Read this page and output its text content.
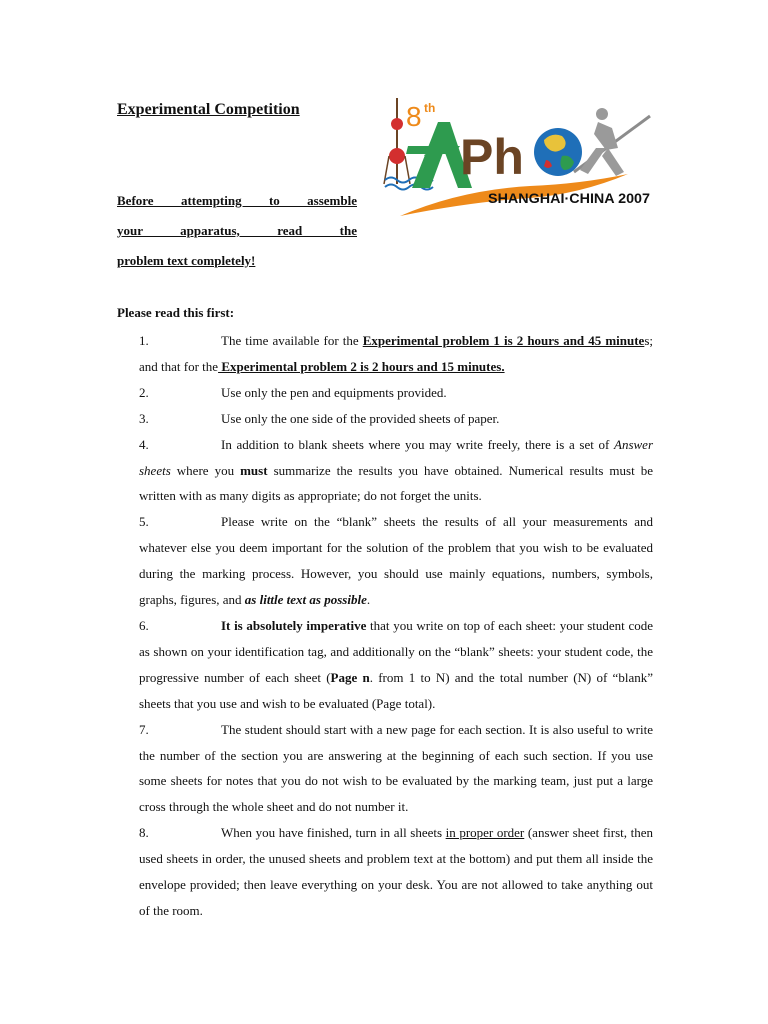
Experimental Competition	8 th
A Ph
SHANGHAI·CHINA 2007
Before attempting to assemble
your apparatus, read the
problem text completely!

Please read this first:

1.	The time available for the Experimental problem 1 is 2 hours and 45 minutes; and that for the Experimental problem 2 is 2 hours and 15 minutes.

2.	Use only the pen and equipments provided.

3.	Use only the one side of the provided sheets of paper.

4.	In addition to blank sheets where you may write freely, there is a set of Answer sheets where you must summarize the results you have obtained. Numerical results must be written with as many digits as appropriate; do not forget the units.

5.	Please write on the “blank” sheets the results of all your measurements and whatever else you deem important for the solution of the problem that you wish to be evaluated during the marking process. However, you should use mainly equations, numbers, symbols, graphs, figures, and as little text as possible.

6.	It is absolutely imperative that you write on top of each sheet: your student code as shown on your identification tag, and additionally on the “blank” sheets: your student code, the progressive number of each sheet (Page n. from 1 to N) and the total number (N) of “blank” sheets that you use and wish to be evaluated (Page total).

7.	The student should start with a new page for each section. It is also useful to write the number of the section you are answering at the beginning of each such section. If you use some sheets for notes that you do not wish to be evaluated by the marking team, just put a large cross through the whole sheet and do not number it.

8.	When you have finished, turn in all sheets in proper order (answer sheet first, then used sheets in order, the unused sheets and problem text at the bottom) and put them all inside the envelope provided; then leave everything on your desk. You are not allowed to take anything out of the room.
